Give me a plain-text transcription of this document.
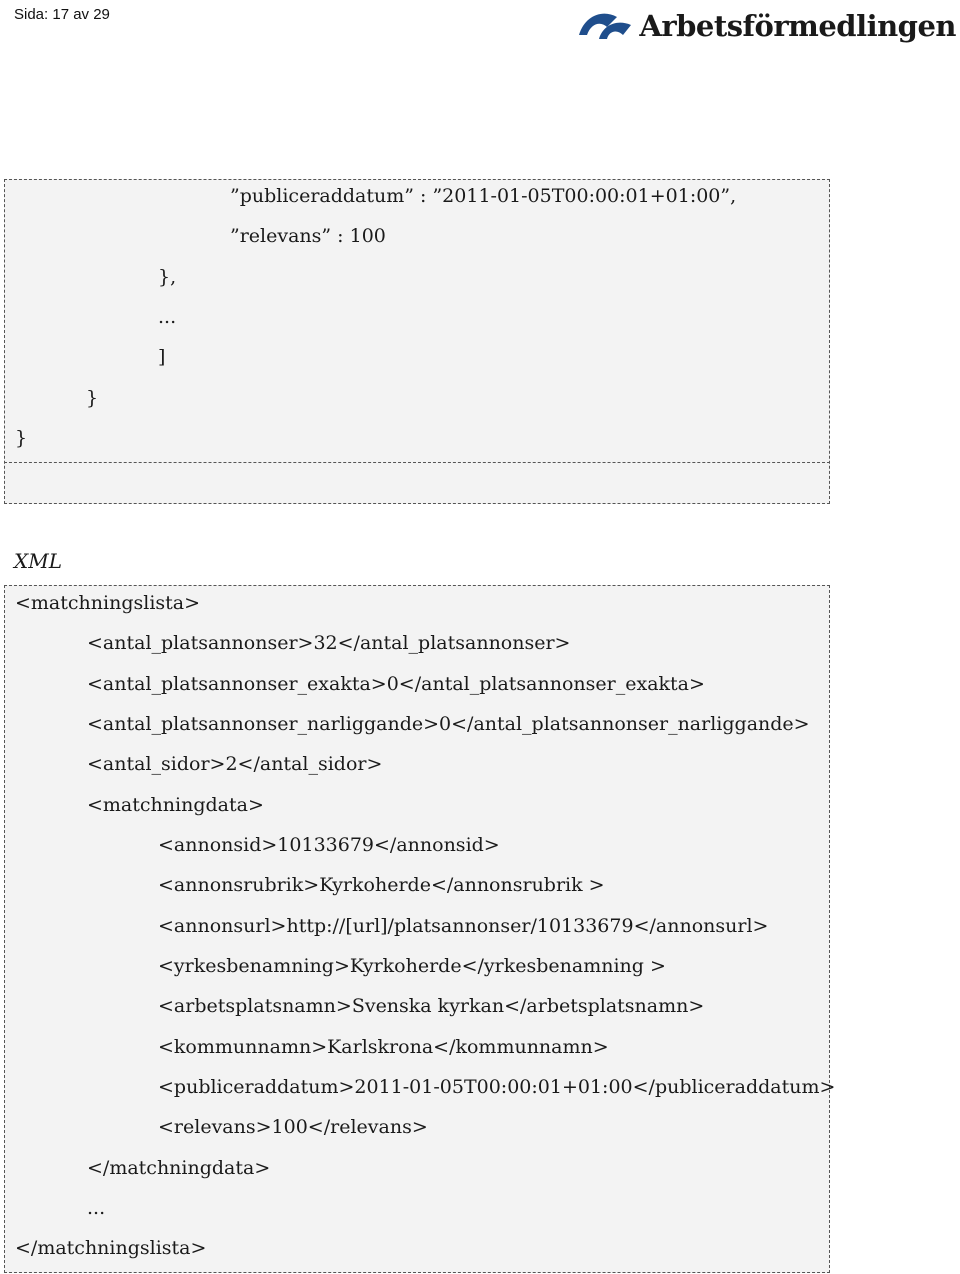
Sida: 17 av 29	Arbetsförmedlingen
”publiceraddatum” : ”2011-01-05T00:00:01+01:00”,
”relevans” : 100
},
...
]
}
}
XML
<matchningslista>
<antal_platsannonser>32</antal_platsannonser>
<antal_platsannonser_exakta>0</antal_platsannonser_exakta>
<antal_platsannonser_narliggande>0</antal_platsannonser_narliggande>
<antal_sidor>2</antal_sidor>
<matchningdata>
<annonsid>10133679</annonsid>
<annonsrubrik>Kyrkoherde</annonsrubrik >
<annonsurl>http://[url]/platsannonser/10133679</annonsurl>
<yrkesbenamning>Kyrkoherde</yrkesbenamning >
<arbetsplatsnamn>Svenska kyrkan</arbetsplatsnamn>
<kommunnamn>Karlskrona</kommunnamn>
<publiceraddatum>2011-01-05T00:00:01+01:00</publiceraddatum>
<relevans>100</relevans>
</matchningdata>
...
</matchningslista>
